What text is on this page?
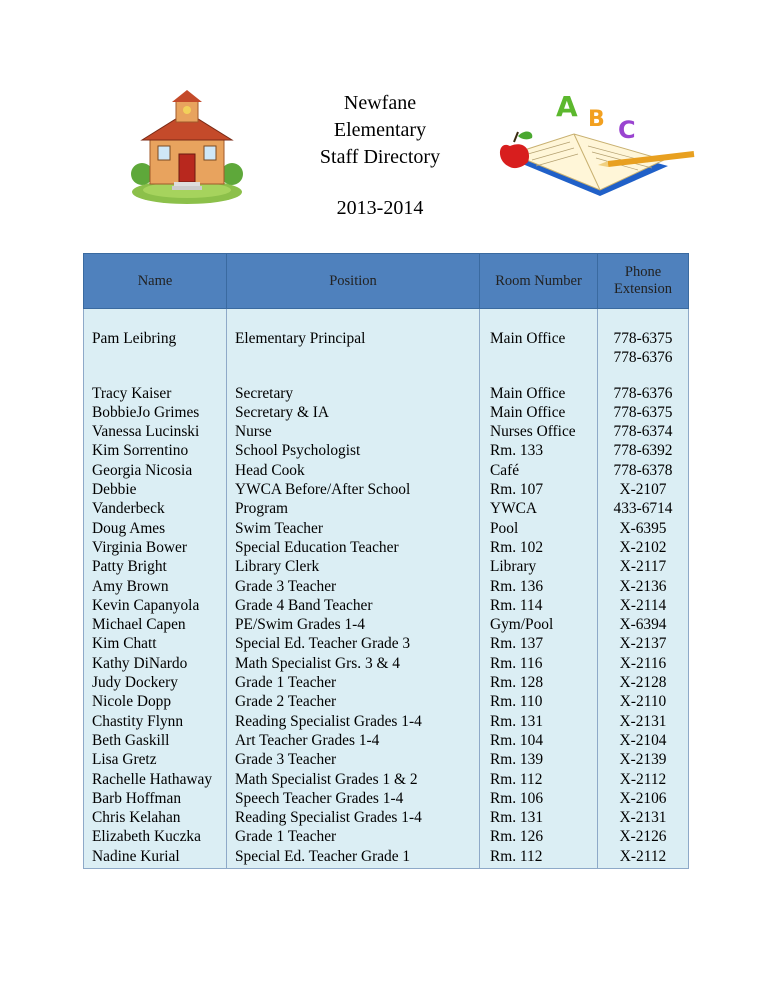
A B C
Newfane
Elementary
Staff Directory
2013-2014
Name	Position	Room Number	Phone Extension
Pam Leibring	Elementary Principal	Main Office	778-6375
778-6376

Tracy Kaiser	Secretary	Main Office	778-6376
BobbieJo Grimes	Secretary & IA	Main Office	778-6375
Vanessa Lucinski	Nurse	Nurses Office	778-6374
Kim Sorrentino	School Psychologist	Rm. 133	778-6392
Georgia Nicosia	Head Cook	Café	778-6378
Debbie	YWCA Before/After School	Rm. 107	X-2107
Vanderbeck	Program	YWCA	433-6714
Doug Ames	Swim Teacher	Pool	X-6395
Virginia Bower	Special Education Teacher	Rm. 102	X-2102
Patty Bright	Library Clerk	Library	X-2117
Amy Brown	Grade 3 Teacher	Rm. 136	X-2136
Kevin Capanyola	Grade 4 Band Teacher	Rm. 114	X-2114
Michael Capen	PE/Swim Grades 1-4	Gym/Pool	X-6394
Kim Chatt	Special Ed. Teacher Grade 3	Rm. 137	X-2137
Kathy DiNardo	Math Specialist Grs. 3 & 4	Rm. 116	X-2116
Judy Dockery	Grade 1 Teacher	Rm. 128	X-2128
Nicole Dopp	Grade 2 Teacher	Rm. 110	X-2110
Chastity Flynn	Reading Specialist Grades 1-4	Rm. 131	X-2131
Beth Gaskill	Art Teacher Grades 1-4	Rm. 104	X-2104
Lisa Gretz	Grade 3 Teacher	Rm. 139	X-2139
Rachelle Hathaway	Math Specialist Grades 1 & 2	Rm. 112	X-2112
Barb Hoffman	Speech Teacher Grades 1-4	Rm. 106	X-2106
Chris Kelahan	Reading Specialist Grades 1-4	Rm. 131	X-2131
Elizabeth Kuczka	Grade 1 Teacher	Rm. 126	X-2126
Nadine Kurial	Special Ed. Teacher Grade 1	Rm. 112	X-2112
